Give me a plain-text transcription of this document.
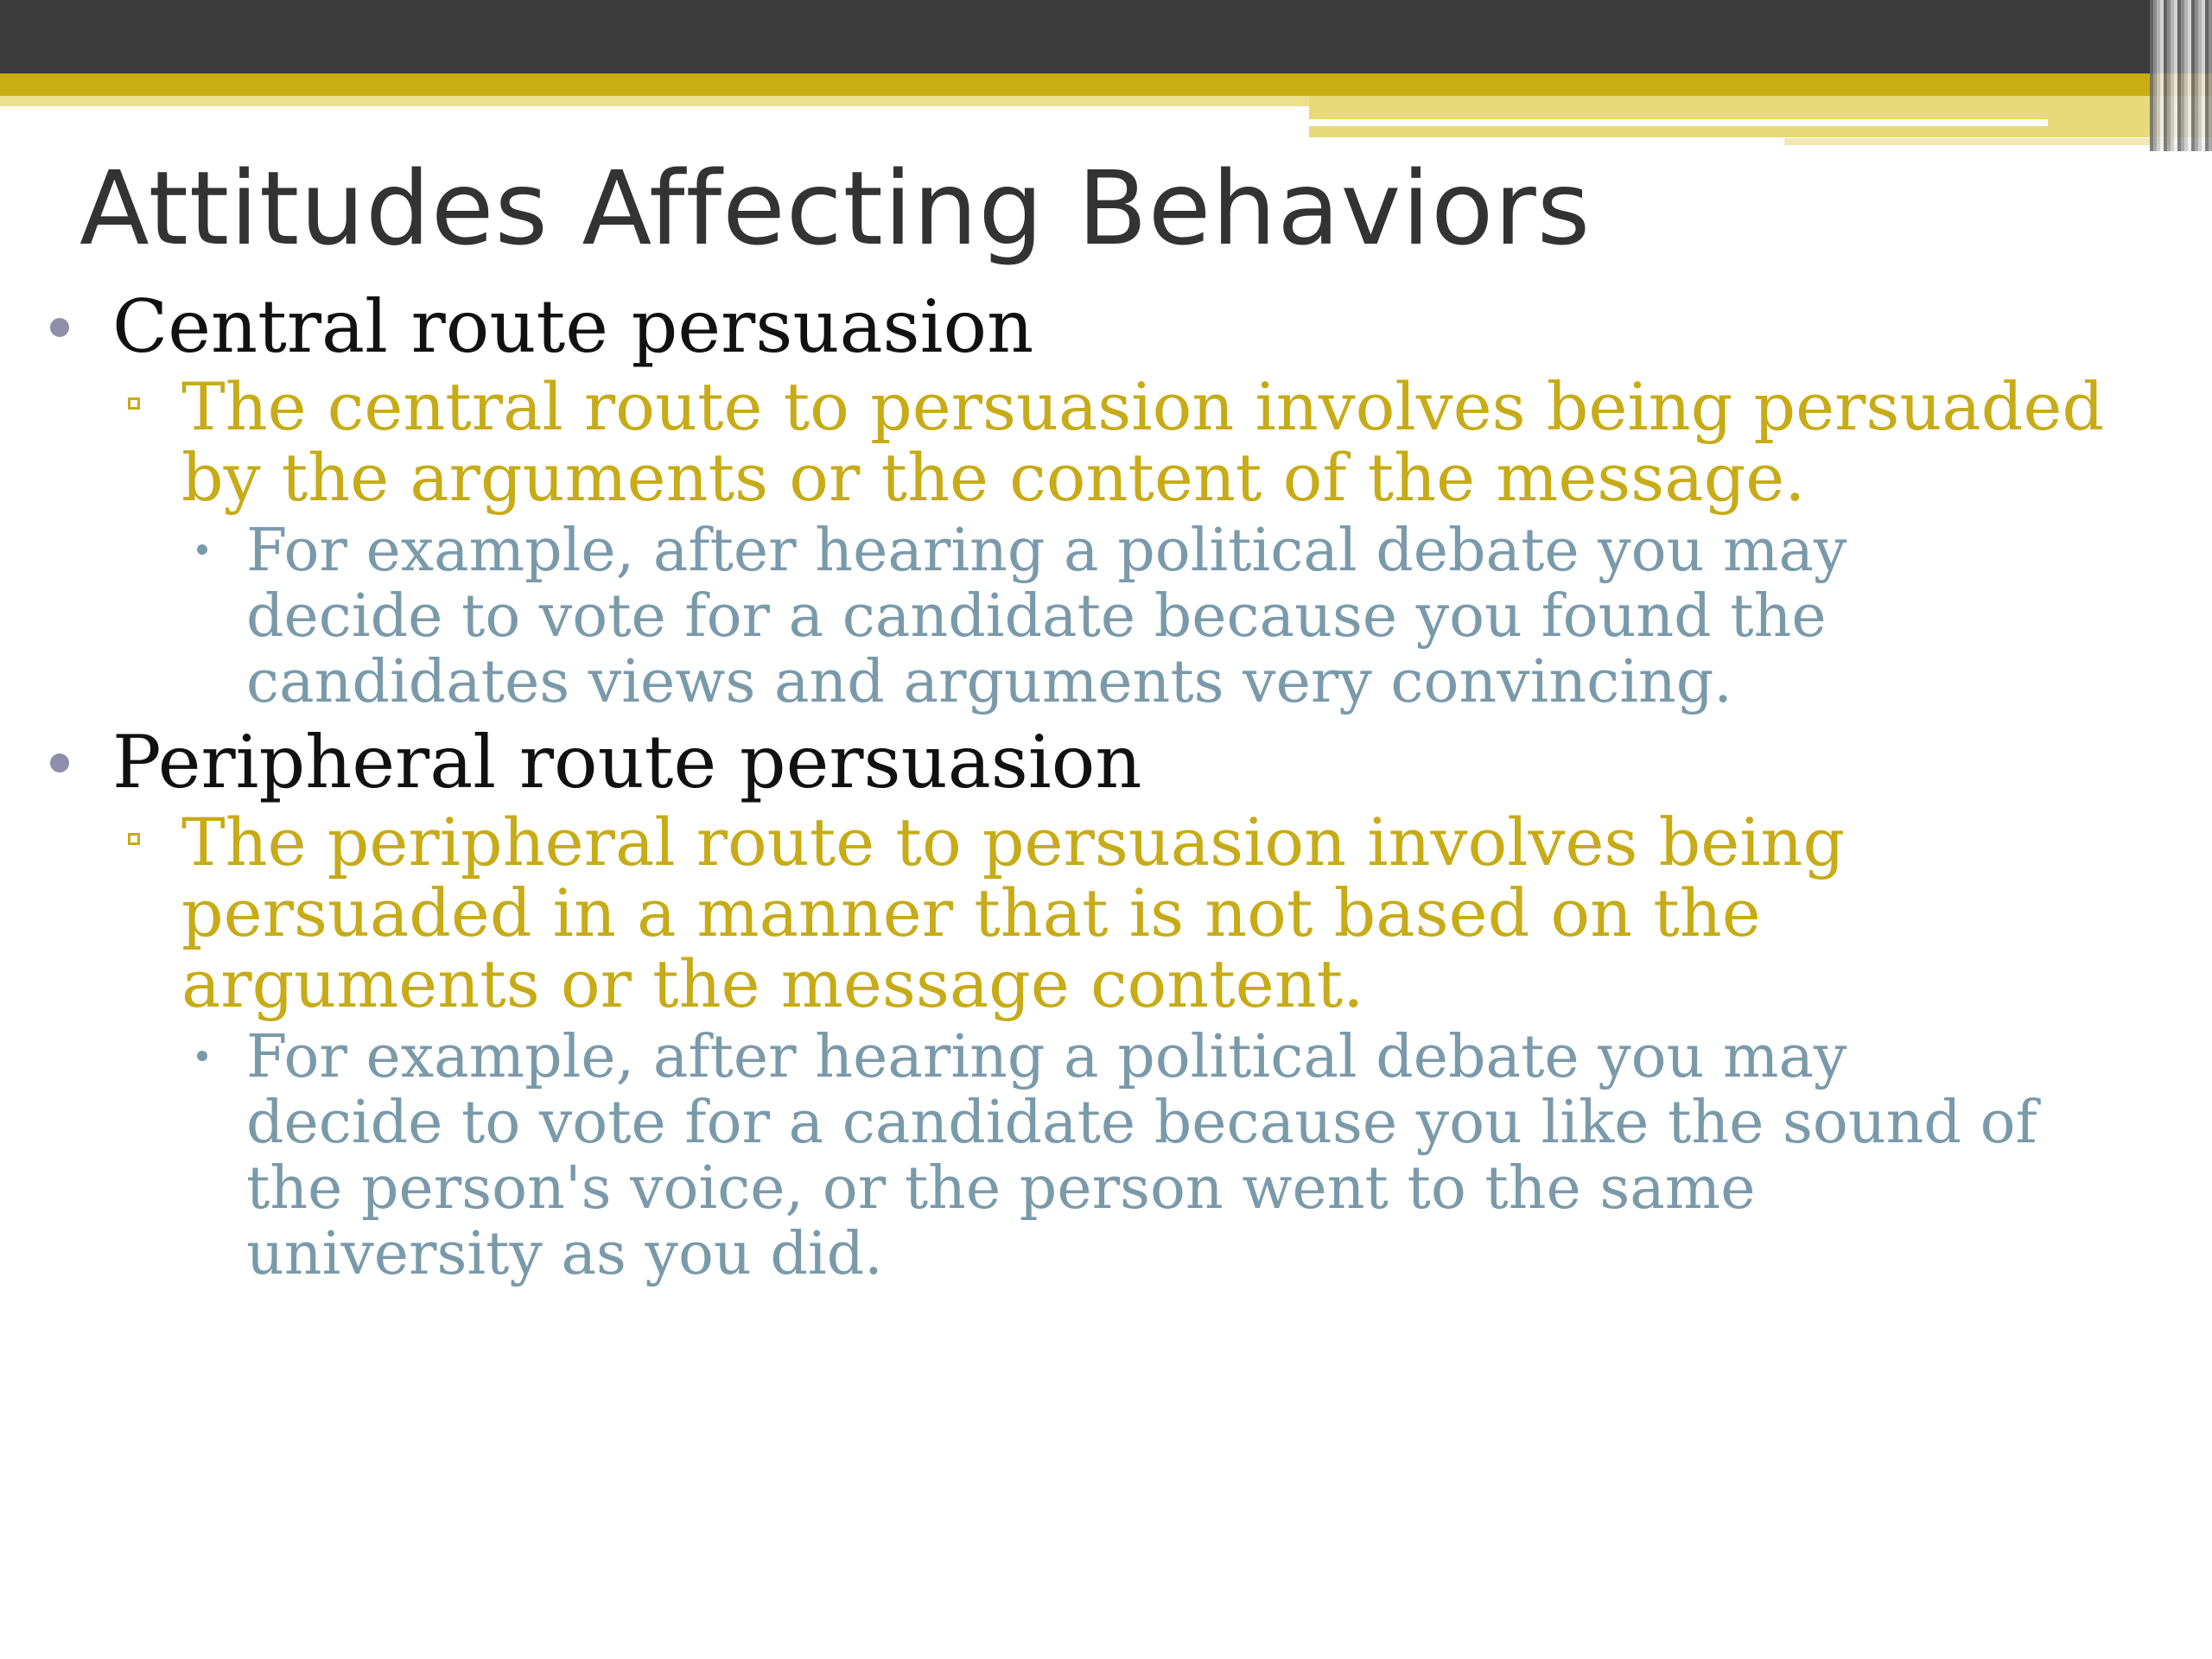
Attitudes Affecting Behaviors
Central route persuasion
The central route to persuasion involves being persuaded by the arguments or the content of the message.
For example, after hearing a political debate you may decide to vote for a candidate because you found the candidates views and arguments very convincing.
Peripheral route persuasion
The peripheral route to persuasion involves being persuaded in a manner that is not based on the arguments or the message content.
For example, after hearing a political debate you may decide to vote for a candidate because you like the sound of the person's voice, or the person went to the same university as you did.
